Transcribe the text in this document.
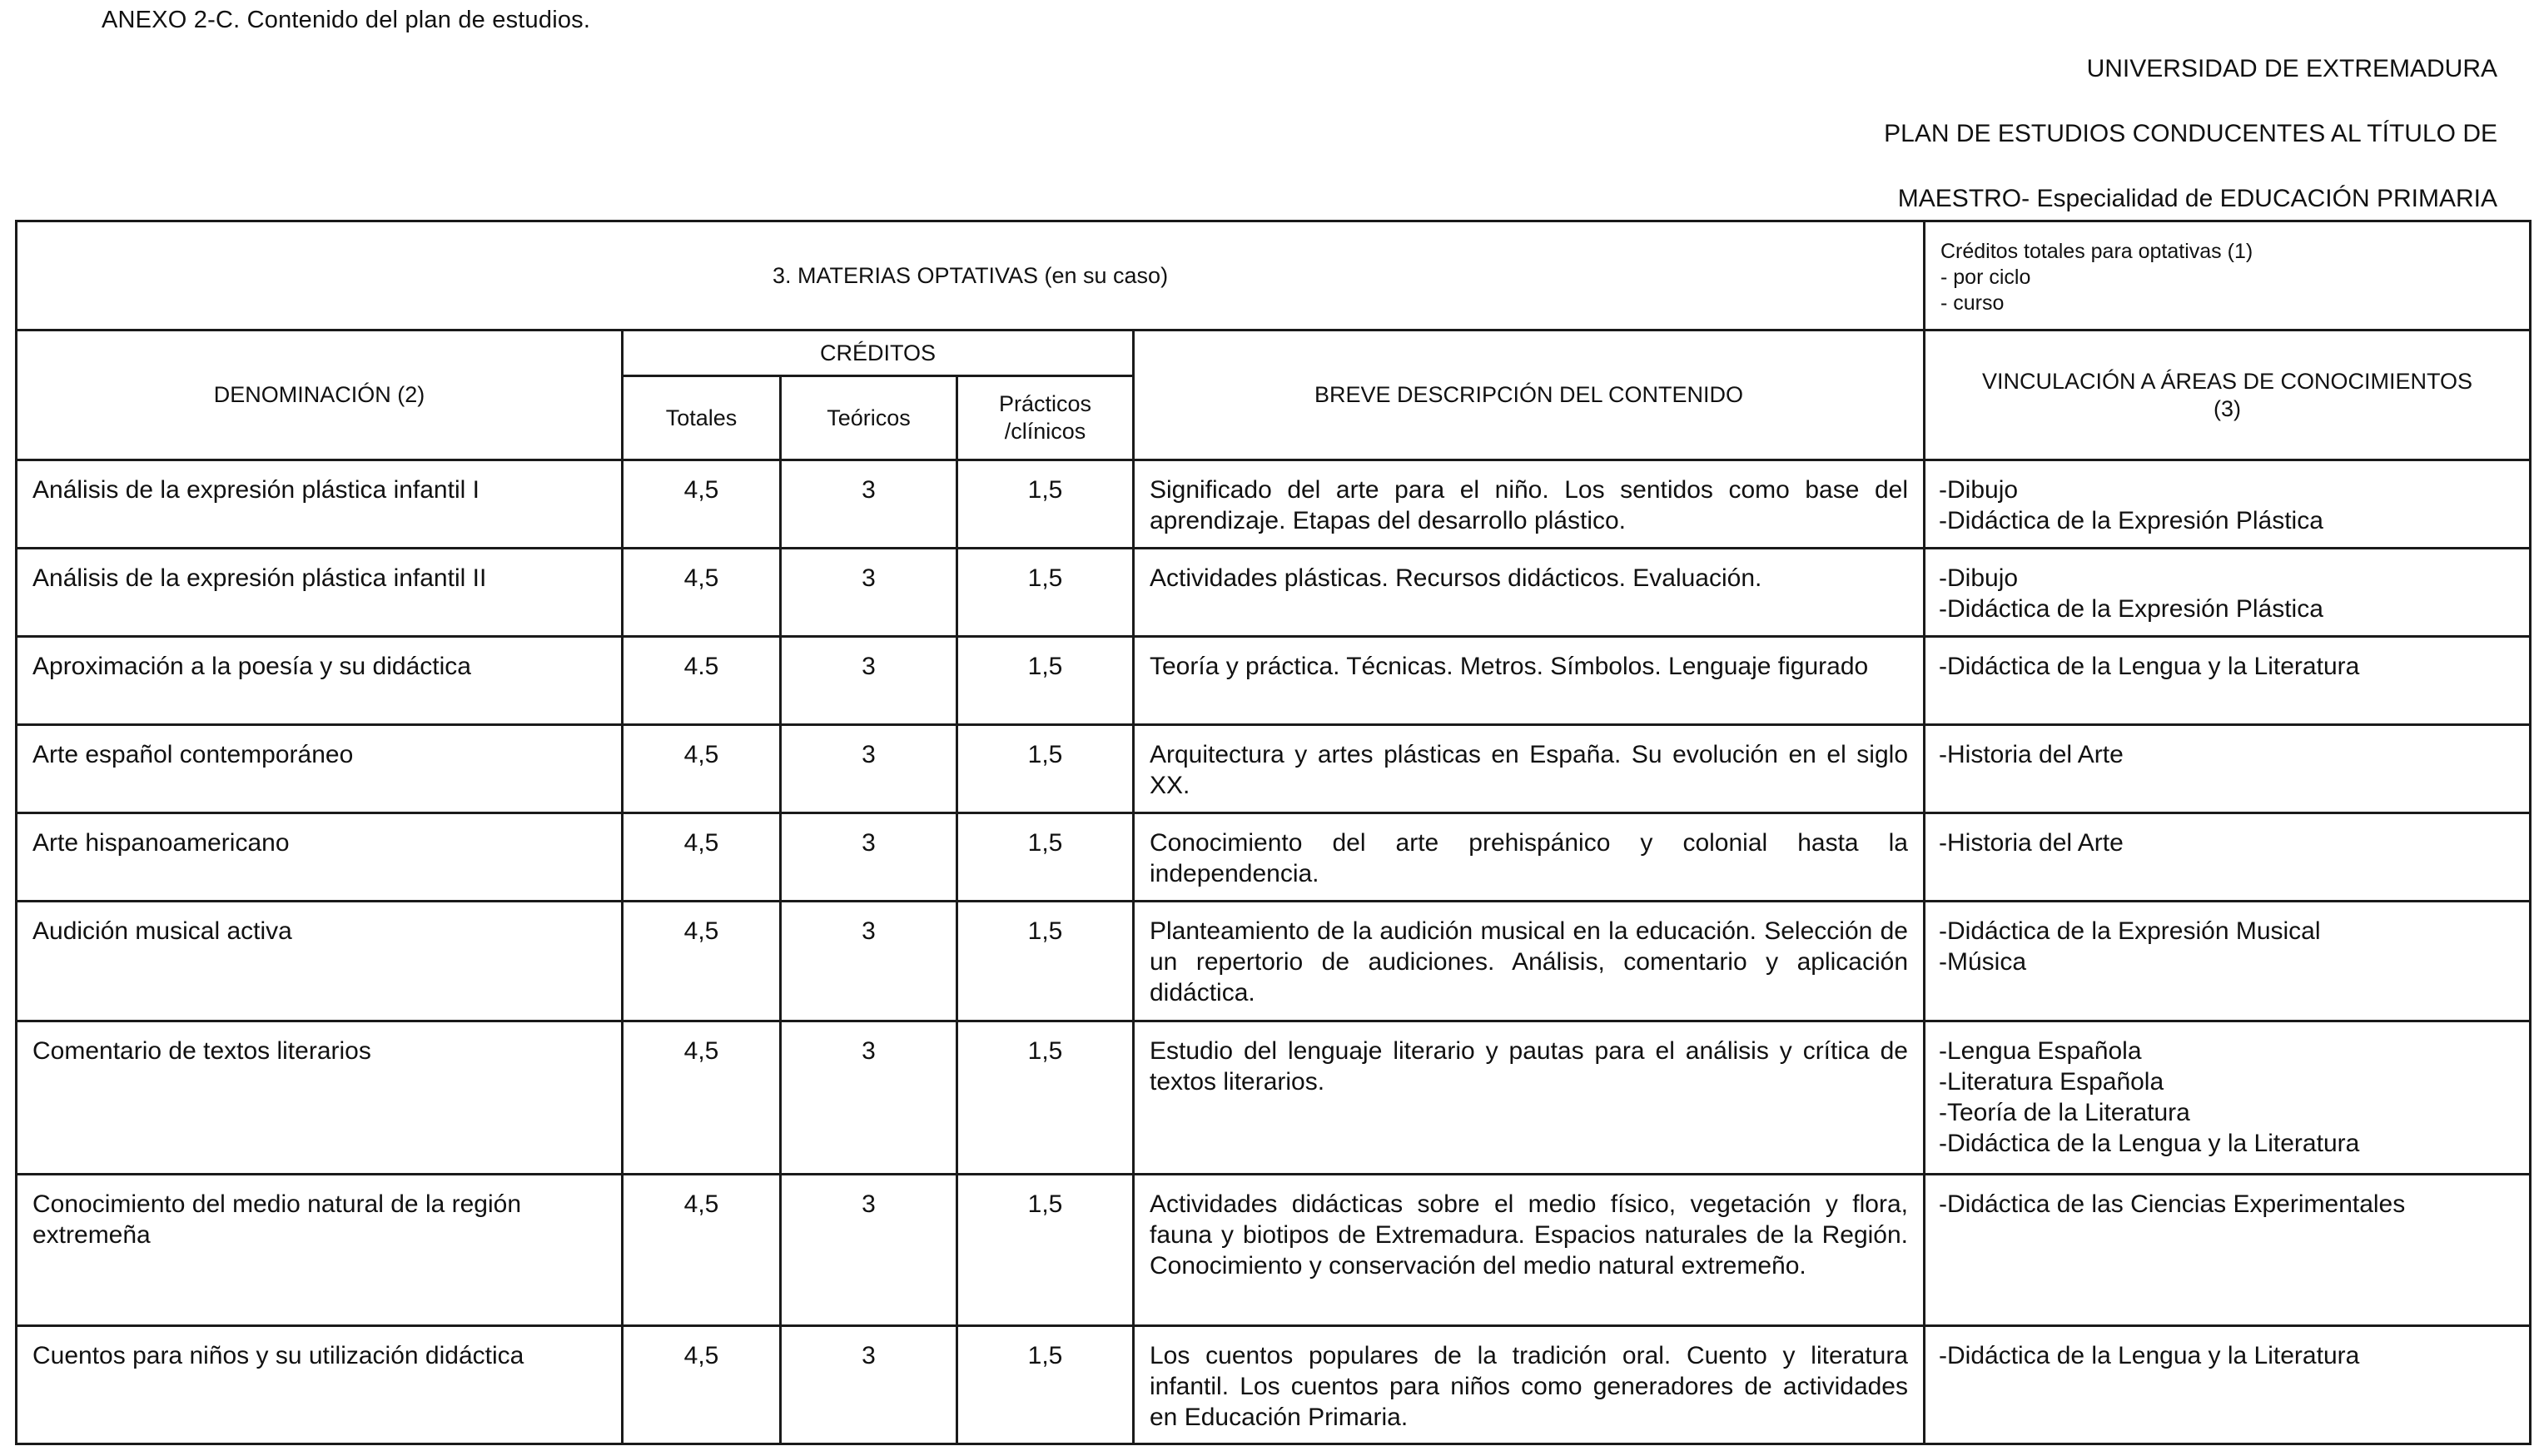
ANEXO 2-C. Contenido del plan de estudios.
UNIVERSIDAD DE EXTREMADURA
PLAN DE ESTUDIOS CONDUCENTES AL TÍTULO DE
MAESTRO- Especialidad de EDUCACIÓN PRIMARIA
3. MATERIAS OPTATIVAS (en su caso)					Créditos totales para optativas (1)
- por ciclo
- curso

DENOMINACIÓN (2)	CRÉDITOS			BREVE DESCRIPCIÓN DEL CONTENIDO	VINCULACIÓN A ÁREAS DE CONOCIMIENTOS
(3)

	Totales	Teóricos	Prácticos
/clínicos		

Análisis de la expresión plástica infantil I	4,5	3	1,5	Significado del arte para el niño. Los sentidos como base del aprendizaje. Etapas del desarrollo plástico.	-Dibujo
-Didáctica de la Expresión Plástica

Análisis de la expresión plástica infantil II	4,5	3	1,5	Actividades plásticas. Recursos didácticos. Evaluación.	-Dibujo
-Didáctica de la Expresión Plástica

Aproximación a la poesía y su didáctica	4.5	3	1,5	Teoría y práctica. Técnicas. Metros. Símbolos. Lenguaje figurado	-Didáctica de la Lengua y la Literatura

Arte español contemporáneo	4,5	3	1,5	Arquitectura y artes plásticas en España. Su evolución en el siglo XX.	-Historia del Arte

Arte hispanoamericano	4,5	3	1,5	Conocimiento del arte prehispánico y colonial hasta la independencia.	-Historia del Arte

Audición musical activa	4,5	3	1,5	Planteamiento de la audición musical en la educación. Selección de un repertorio de audiciones. Análisis, comentario y aplicación didáctica.	-Didáctica de la Expresión Musical
-Música

Comentario de textos literarios	4,5	3	1,5	Estudio del lenguaje literario y pautas para el análisis y crítica de textos literarios.	-Lengua Española
-Literatura Española
-Teoría de la Literatura
-Didáctica de la Lengua y la Literatura

Conocimiento del medio natural de la región extremeña	4,5	3	1,5	Actividades didácticas sobre el medio físico, vegetación y flora, fauna y biotipos de Extremadura. Espacios naturales de la Región. Conocimiento y conservación del medio natural extremeño.	-Didáctica de las Ciencias Experimentales

Cuentos para niños y su utilización didáctica	4,5	3	1,5	Los cuentos populares de la tradición oral. Cuento y literatura infantil. Los cuentos para niños como generadores de actividades en Educación Primaria.	-Didáctica de la Lengua y la Literatura
